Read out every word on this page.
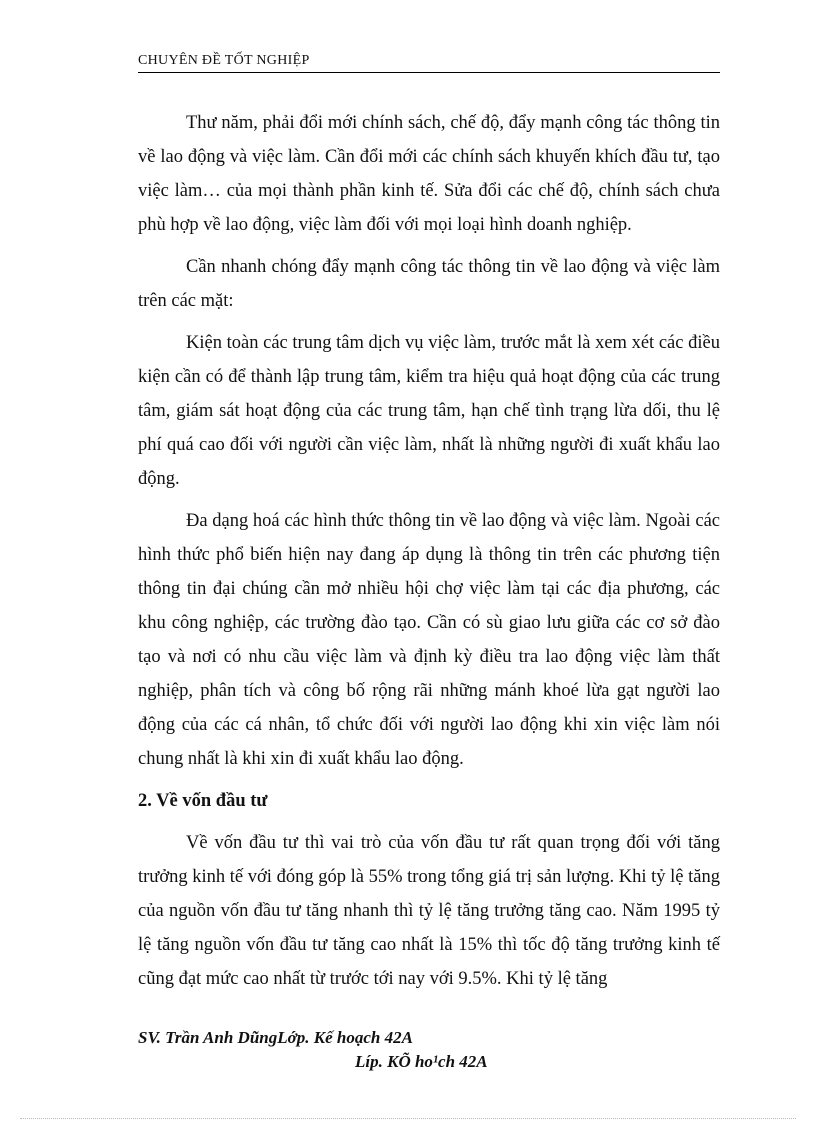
CHUYÊN ĐỀ TỐT NGHIỆP

Thư năm, phải đổi mới chính sách, chế độ, đẩy mạnh công tác thông tin về lao động và việc làm. Cần đổi mới các chính sách khuyến khích đầu tư, tạo việc làm… của mọi thành phần kinh tế. Sửa đổi các chế độ, chính sách chưa phù hợp về lao động, việc làm đối với mọi loại hình doanh nghiệp.

Cần nhanh chóng đẩy mạnh công tác thông tin về lao động và việc làm trên các mặt:

Kiện toàn các trung tâm dịch vụ việc làm, trước mắt là xem xét các điều kiện cần có để thành lập trung tâm, kiểm tra hiệu quả hoạt động của các trung tâm, giám sát hoạt động của các trung tâm, hạn chế tình trạng lừa dối, thu lệ phí quá cao đối với người cần việc làm, nhất là những người đi xuất khẩu lao động.

Đa dạng hoá các hình thức thông tin về lao động và việc làm. Ngoài các hình thức phổ biến hiện nay đang áp dụng là thông tin trên các phương tiện thông tin đại chúng cần mở nhiều hội chợ việc làm tại các địa phương, các khu công nghiệp, các trường đào tạo. Cần có sù giao lưu giữa các cơ sở đào tạo và nơi có nhu cầu việc làm và định kỳ điều tra lao động việc làm thất nghiệp, phân tích và công bố rộng rãi những mánh khoé lừa gạt người lao động của các cá nhân, tổ chức đối với người lao động khi xin việc làm nói chung nhất là khi xin đi xuất khẩu lao động.

2. Về vốn đầu tư

Về vốn đầu tư thì vai trò của vốn đầu tư rất quan trọng đối với tăng trưởng kinh tế với đóng góp là 55% trong tổng giá trị sản lượng. Khi tỷ lệ tăng của nguồn vốn đầu tư tăng nhanh thì tỷ lệ tăng trưởng tăng cao. Năm 1995 tỷ lệ tăng nguồn vốn đầu tư tăng cao nhất là 15% thì tốc độ tăng trưởng kinh tế cũng đạt mức cao nhất từ trước tới nay với 9.5%. Khi tỷ lệ tăng

SV. Trần Anh DũngLớp. Kế hoạch 42A
Líp. KÕ ho¹ch 42A
